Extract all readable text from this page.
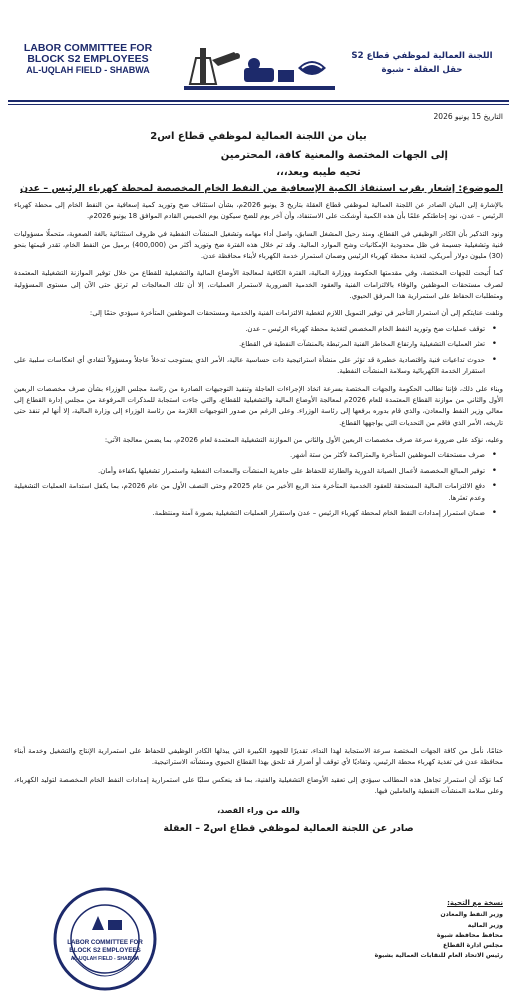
LABOR COMMITTEE FOR
BLOCK S2 EMPLOYEES
AL-UQLAH FIELD - SHABWA
اللجنة العمالية لموظفي قطاع S2
حقل العقلة - شبوة
التاريخ 15 يونيو 2026
بيان من اللجنة العمالية لموظفي قطاع اس2
إلى الجهات المختصة والمعنية كافة، المحترمين
تحيه طيبه وبعد،،،
الموضوع: إشعار بقرب استنفاذ الكمية الإسعافية من النفط الخام المخصصة لمحطة كهرباء الرئيس – عدن

بالإشارة إلى البيان الصادر عن اللجنة العمالية لموظفي قطاع العقلة بتاريخ 3 يونيو 2026م، بشأن استئناف ضخ وتوريد كمية إسعافية من النفط الخام إلى محطة كهرباء الرئيس – عدن، نود إحاطتكم علمًا بأن هذه الكمية أوشكت على الاستنفاذ، وأن آخر يوم للضخ سيكون يوم الخميس القادم الموافق 18 يونيو 2026م.

ونود التذكير بأن الكادر الوظيفي في القطاع، ومنذ رحيل المشغل السابق، واصل أداء مهامه وتشغيل المنشآت النفطية في ظروف استثنائية بالغة الصعوبة، متحملًا مسؤوليات فنية وتشغيلية جسيمة في ظل محدودية الإمكانيات وشح الموارد المالية. وقد تم خلال هذه الفترة ضخ وتوريد أكثر من (400,000) برميل من النفط الخام، تقدر قيمتها بنحو (30) مليون دولار أمريكي، لتغذية محطة كهرباء الرئيس وضمان استمرار خدمة الكهرباء لأبناء محافظة عدن.

كما أُتيحت للجهات المختصة، وفي مقدمتها الحكومة ووزارة المالية، الفترة الكافية لمعالجة الأوضاع المالية والتشغيلية للقطاع من خلال توفير الموازنة التشغيلية المعتمدة لصرف مستحقات الموظفين والوفاء بالالتزامات الفنية والعقود الخدمية الضرورية لاستمرار العمليات، إلا أن تلك المعالجات لم ترتق حتى الآن إلى مستوى المسؤولية ومتطلبات الحفاظ على استمرارية هذا المرفق الحيوي.

ونلفت عنايتكم إلى أن استمرار التأخير في توفير التمويل اللازم لتغطية الالتزامات الفنية والخدمية ومستحقات الموظفين المتأخرة سيؤدي حتمًا إلى:

• توقف عمليات ضخ وتوريد النفط الخام المخصص لتغذية محطة كهرباء الرئيس – عدن.
• تعثر العمليات التشغيلية وارتفاع المخاطر الفنية المرتبطة بالمنشآت النفطية في القطاع.
• حدوث تداعيات فنية واقتصادية خطيرة قد تؤثر على منشأة استراتيجية ذات حساسية عالية، الأمر الذي يستوجب تدخلاً عاجلاً ومسؤولاً لتفادي أي انعكاسات سلبية على استقرار الخدمة الكهربائية وسلامة المنشآت النفطية.

وبناء على ذلك، فإننا نطالب الحكومة والجهات المختصة بسرعة اتخاذ الإجراءات العاجلة وتنفيذ التوجيهات الصادرة من رئاسة مجلس الوزراء بشأن صرف مخصصات الربعين الأول والثاني من موازنة القطاع المعتمدة للعام 2026م لمعالجة الأوضاع المالية والتشغيلية للقطاع، والتي جاءت استجابة للمذكرات المرفوعة من مجلس إدارة القطاع إلى معالي وزير النفط والمعادن، والذي قام بدوره برفعها إلى رئاسة الوزراء. وعلى الرغم من صدور التوجيهات اللازمة من رئاسة الوزراء إلى وزارة المالية، إلا أنها لم تنفذ حتى تاريخه، الأمر الذي فاقم من التحديات التي يواجهها القطاع.

وعليه، نؤكد على ضرورة سرعة صرف مخصصات الربعين الأول والثاني من الموازنة التشغيلية المعتمدة لعام 2026م، بما يضمن معالجة الآتي:

• صرف مستحقات الموظفين المتأخرة والمتراكمة لأكثر من ستة أشهر.
• توفير المبالغ المخصصة لأعمال الصيانة الدورية والطارئة للحفاظ على جاهزية المنشآت والمعدات النفطية واستمرار تشغيلها بكفاءة وأمان.
• دفع الالتزامات المالية المستحقة للعقود الخدمية المتأخرة منذ الربع الأخير من عام 2025م وحتى النصف الأول من عام 2026م، بما يكفل استدامة العمليات التشغيلية وعدم تعثرها.
• ضمان استمرار إمدادات النفط الخام لمحطة كهرباء الرئيس – عدن واستقرار العمليات التشغيلية بصورة آمنة ومنتظمة.

ختامًا، نأمل من كافة الجهات المختصة سرعة الاستجابة لهذا النداء، تقديرًا للجهود الكبيرة التي يبذلها الكادر الوظيفي للحفاظ على استمرارية الإنتاج والتشغيل وخدمة أبناء محافظة عدن في تغذية كهرباء محطة الرئيس، وتفاديًا لأي توقف أو أضرار قد تلحق بهذا القطاع الحيوي ومنشآته الاستراتيجية.

كما نؤكد أن استمرار تجاهل هذه المطالب سيؤدي إلى تعقيد الأوضاع التشغيلية والفنية، بما قد ينعكس سلبًا على استمرارية إمدادات النفط الخام المخصصة لتوليد الكهرباء، وعلى سلامة المنشآت النفطية والعاملين فيها.

والله من وراء القصد،
صادر عن اللجنة العمالية لموظفي قطاع اس2 – العقلة
نسخة مع التحية:
وزير النفط والمعادن
وزير المالية
محافظ محافظة شبوة
مجلس ادارة القطاع
رئيس الاتحاد العام للنقابات العمالية بشبوة
LABOR COMMITTEE FOR
BLOCK S2 EMPLOYEES
AL-UQLAH FIELD - SHABWA
